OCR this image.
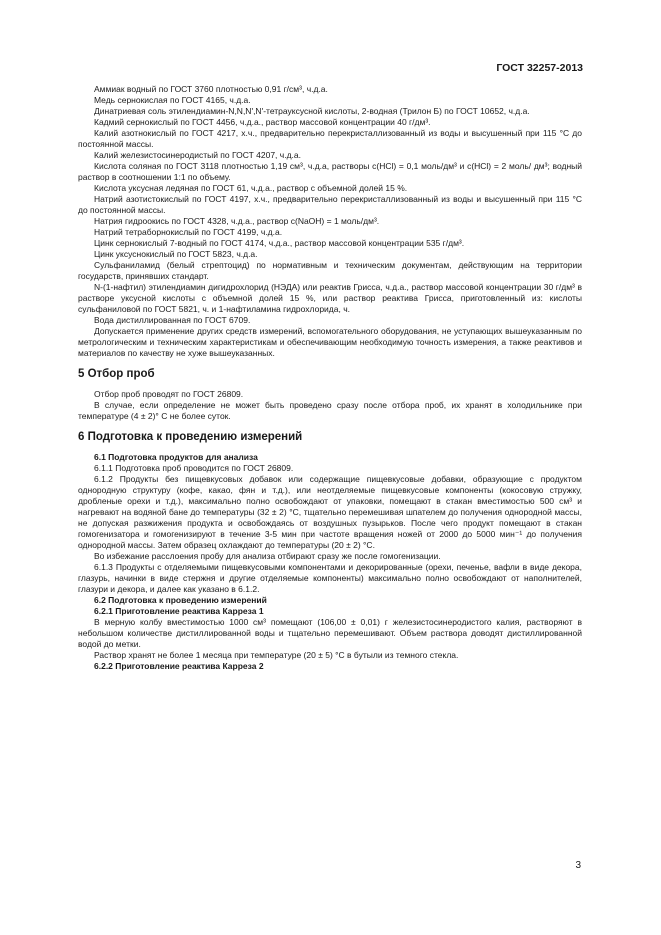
ГОСТ 32257-2013

Аммиак водный по ГОСТ 3760 плотностью 0,91 г/см³, ч.д.а.

Медь сернокислая по ГОСТ 4165, ч.д.а.

Динатриевая соль этилендиамин-N,N,N',N'-тетрауксусной кислоты, 2-водная (Трилон Б) по ГОСТ 10652, ч.д.а.

Кадмий сернокислый по ГОСТ 4456, ч.д.а., раствор массовой концентрации 40 г/дм³.

Калий азотнокислый по ГОСТ 4217, х.ч., предварительно перекристаллизованный из воды и высушенный при 115 °С до постоянной массы.

Калий железистосинеродистый по ГОСТ 4207, ч.д.а.

Кислота соляная по ГОСТ 3118 плотностью 1,19 см³, ч.д.а, растворы с(HCl) = 0,1 моль/дм³ и с(HCl) = 2 моль/ дм³; водный раствор в соотношении 1:1 по объему.

Кислота уксусная ледяная по ГОСТ 61, ч.д.а., раствор с объемной долей 15 %.

Натрий азотистокислый по ГОСТ 4197, х.ч., предварительно перекристаллизованный из воды и высушенный при 115 °С до постоянной массы.

Натрия гидроокись по ГОСТ 4328, ч.д.а., раствор с(NaOH) = 1 моль/дм³.

Натрий тетраборнокислый по ГОСТ 4199, ч.д.а.

Цинк сернокислый 7-водный по ГОСТ 4174, ч.д.а., раствор массовой концентрации 535 г/дм³.

Цинк уксуснокислый по ГОСТ 5823, ч.д.а.

Сульфаниламид (белый стрептоцид) по нормативным и техническим документам, действующим на территории государств, принявших стандарт.

N-(1-нафтил) этилендиамин дигидрохлорид (НЭДА) или реактив Грисса, ч.д.а., раствор массовой концентрации 30 г/дм³ в растворе уксусной кислоты с объемной долей 15 %, или раствор реактива Грисса, приготовленный из: кислоты сульфаниловой по ГОСТ 5821, ч. и 1-нафтиламина гидрохлорида, ч.

Вода дистиллированная по ГОСТ 6709.

Допускается применение других средств измерений, вспомогательного оборудования, не уступающих вышеуказанным по метрологическим и техническим характеристикам и обеспечивающим необходимую точность измерения, а также реактивов и материалов по качеству не хуже вышеуказанных.

5 Отбор проб

Отбор проб проводят по ГОСТ 26809.

В случае, если определение не может быть проведено сразу после отбора проб, их хранят в холодильнике при температуре (4 ± 2)° С не более суток.

6 Подготовка к проведению измерений

6.1 Подготовка продуктов для анализа

6.1.1 Подготовка проб проводится по ГОСТ 26809.

6.1.2 Продукты без пищевкусовых добавок или содержащие пищевкусовые добавки, образующие с продуктом однородную структуру (кофе, какао, фян и т.д.), или неотделяемые пищевкусовые компоненты (кокосовую стружку, дробленые орехи и т.д.), максимально полно освобождают от упаковки, помещают в стакан вместимостью 500 см³ и нагревают на водяной бане до температуры (32 ± 2) °С, тщательно перемешивая шпателем до получения однородной массы, не допуская разжижения продукта и освобождаясь от воздушных пузырьков. После чего продукт помещают в стакан гомогенизатора и гомогенизируют в течение 3-5 мин при частоте вращения ножей от 2000 до 5000 мин⁻¹ до получения однородной массы. Затем образец охлаждают до температуры (20 ± 2) °С.

Во избежание расслоения пробу для анализа отбирают сразу же после гомогенизации.

6.1.3 Продукты с отделяемыми пищевкусовыми компонентами и декорированные (орехи, печенье, вафли в виде декора, глазурь, начинки в виде стержня и другие отделяемые компоненты) максимально полно освобождают от наполнителей, глазури и декора, и далее как указано в 6.1.2.

6.2 Подготовка к проведению измерений

6.2.1 Приготовление реактива Карреза 1

В мерную колбу вместимостью 1000 см³ помещают (106,00 ± 0,01) г железистосинеродистого калия, растворяют в небольшом количестве дистиллированной воды и тщательно перемешивают. Объем раствора доводят дистиллированной водой до метки.

Раствор хранят не более 1 месяца при температуре (20 ± 5) °С в бутыли из темного стекла.

6.2.2 Приготовление реактива Карреза 2

3
